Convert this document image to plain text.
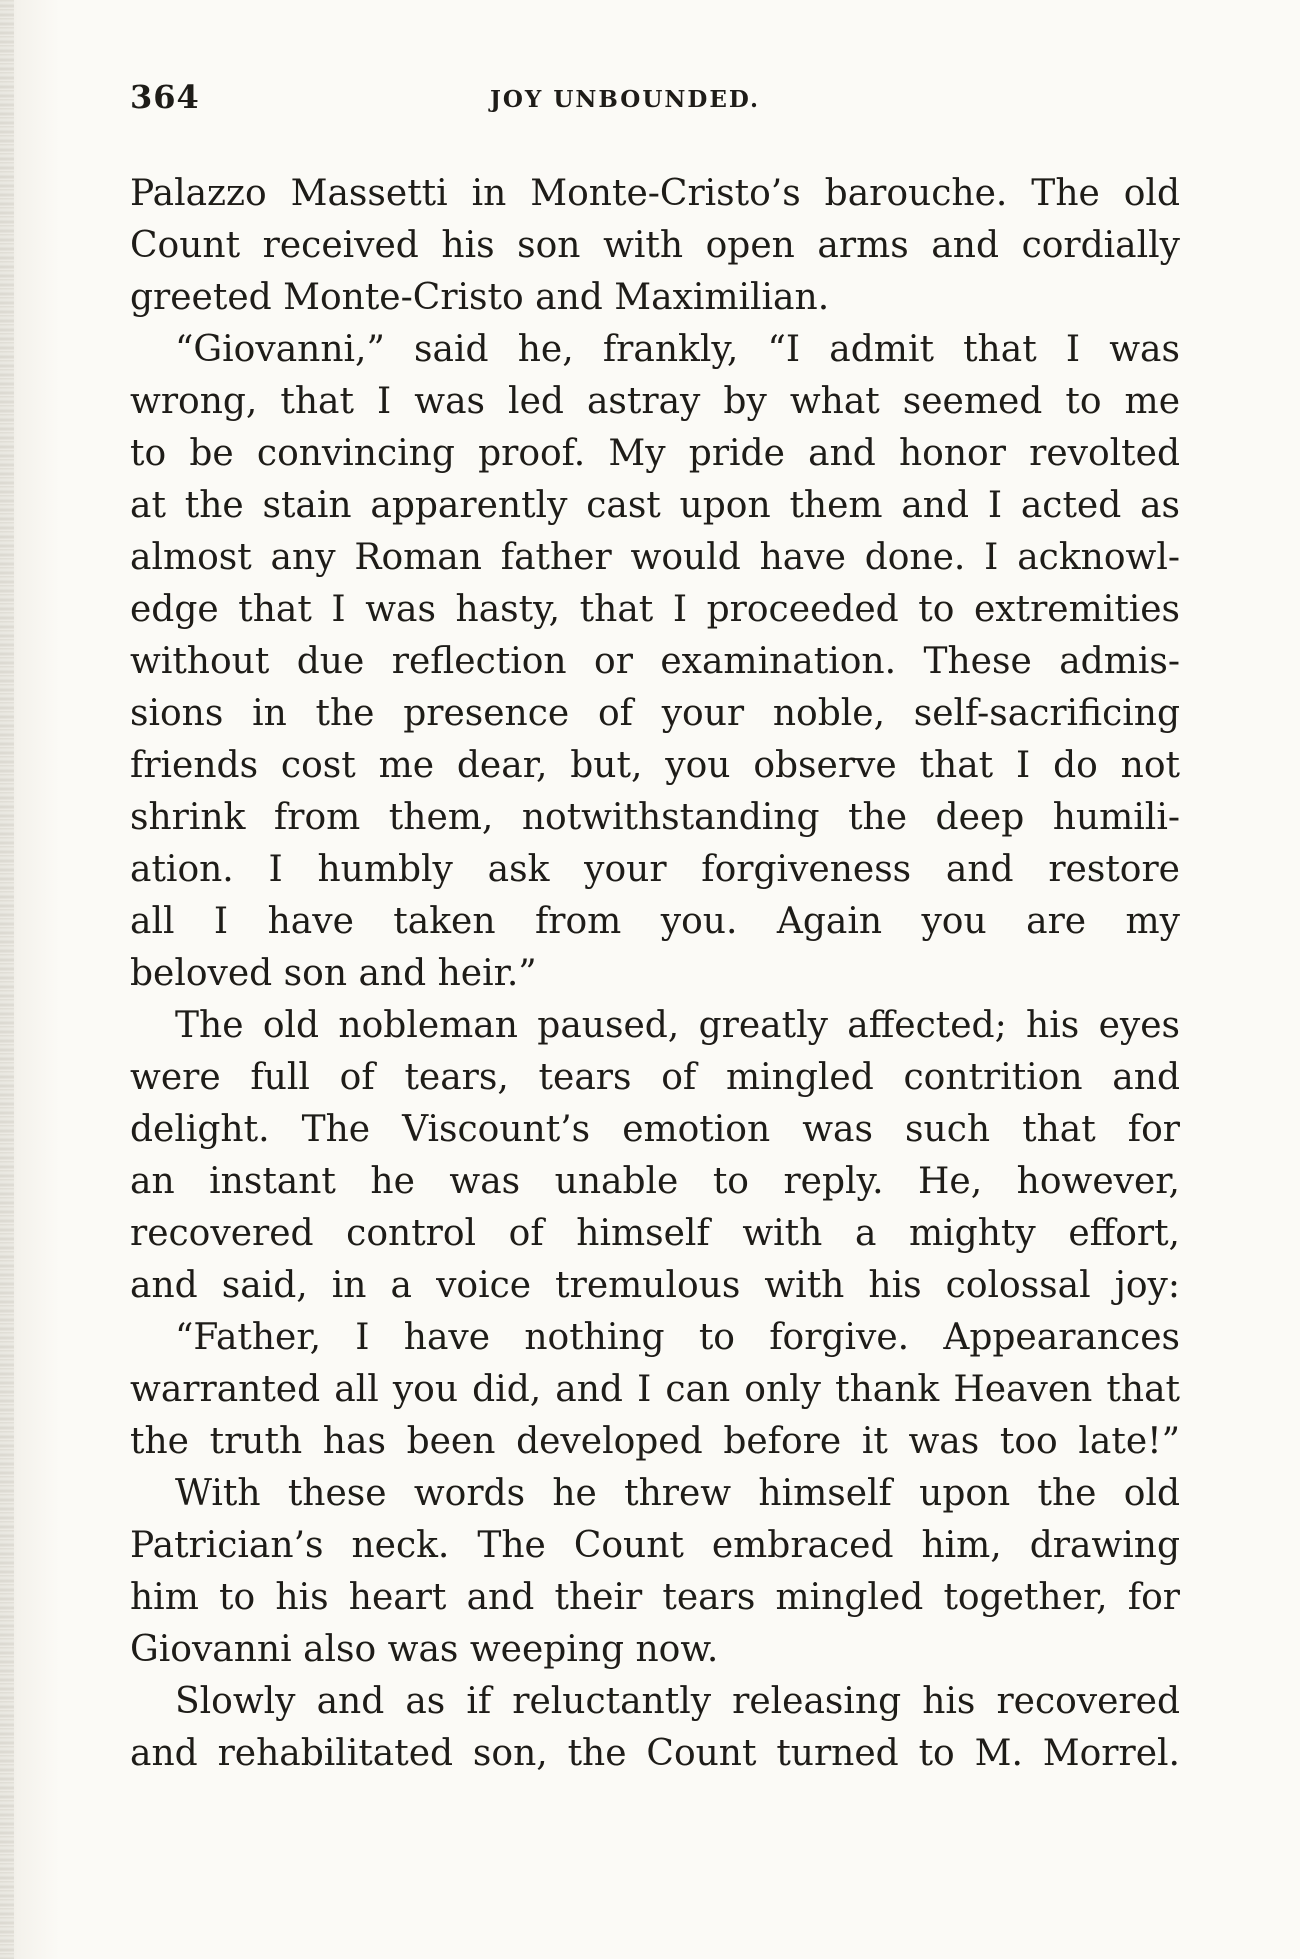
364	JOY UNBOUNDED.
Palazzo Massetti in Monte-Cristo’s barouche. The old
Count received his son with open arms and cordially
greeted Monte-Cristo and Maximilian.
“Giovanni,” said he, frankly, “I admit that I was
wrong, that I was led astray by what seemed to me
to be convincing proof. My pride and honor revolted
at the stain apparently cast upon them and I acted as
almost any Roman father would have done. I acknowl-
edge that I was hasty, that I proceeded to extremities
without due reflection or examination. These admis-
sions in the presence of your noble, self-sacrificing
friends cost me dear, but, you observe that I do not
shrink from them, notwithstanding the deep humili-
ation. I humbly ask your forgiveness and restore
all I have taken from you. Again you are my
beloved son and heir.”
The old nobleman paused, greatly affected; his eyes
were full of tears, tears of mingled contrition and
delight. The Viscount’s emotion was such that for
an instant he was unable to reply. He, however,
recovered control of himself with a mighty effort,
and said, in a voice tremulous with his colossal joy:
“Father, I have nothing to forgive. Appearances
warranted all you did, and I can only thank Heaven that
the truth has been developed before it was too late!”
With these words he threw himself upon the old
Patrician’s neck. The Count embraced him, drawing
him to his heart and their tears mingled together, for
Giovanni also was weeping now.
Slowly and as if reluctantly releasing his recovered
and rehabilitated son, the Count turned to M. Morrel.
